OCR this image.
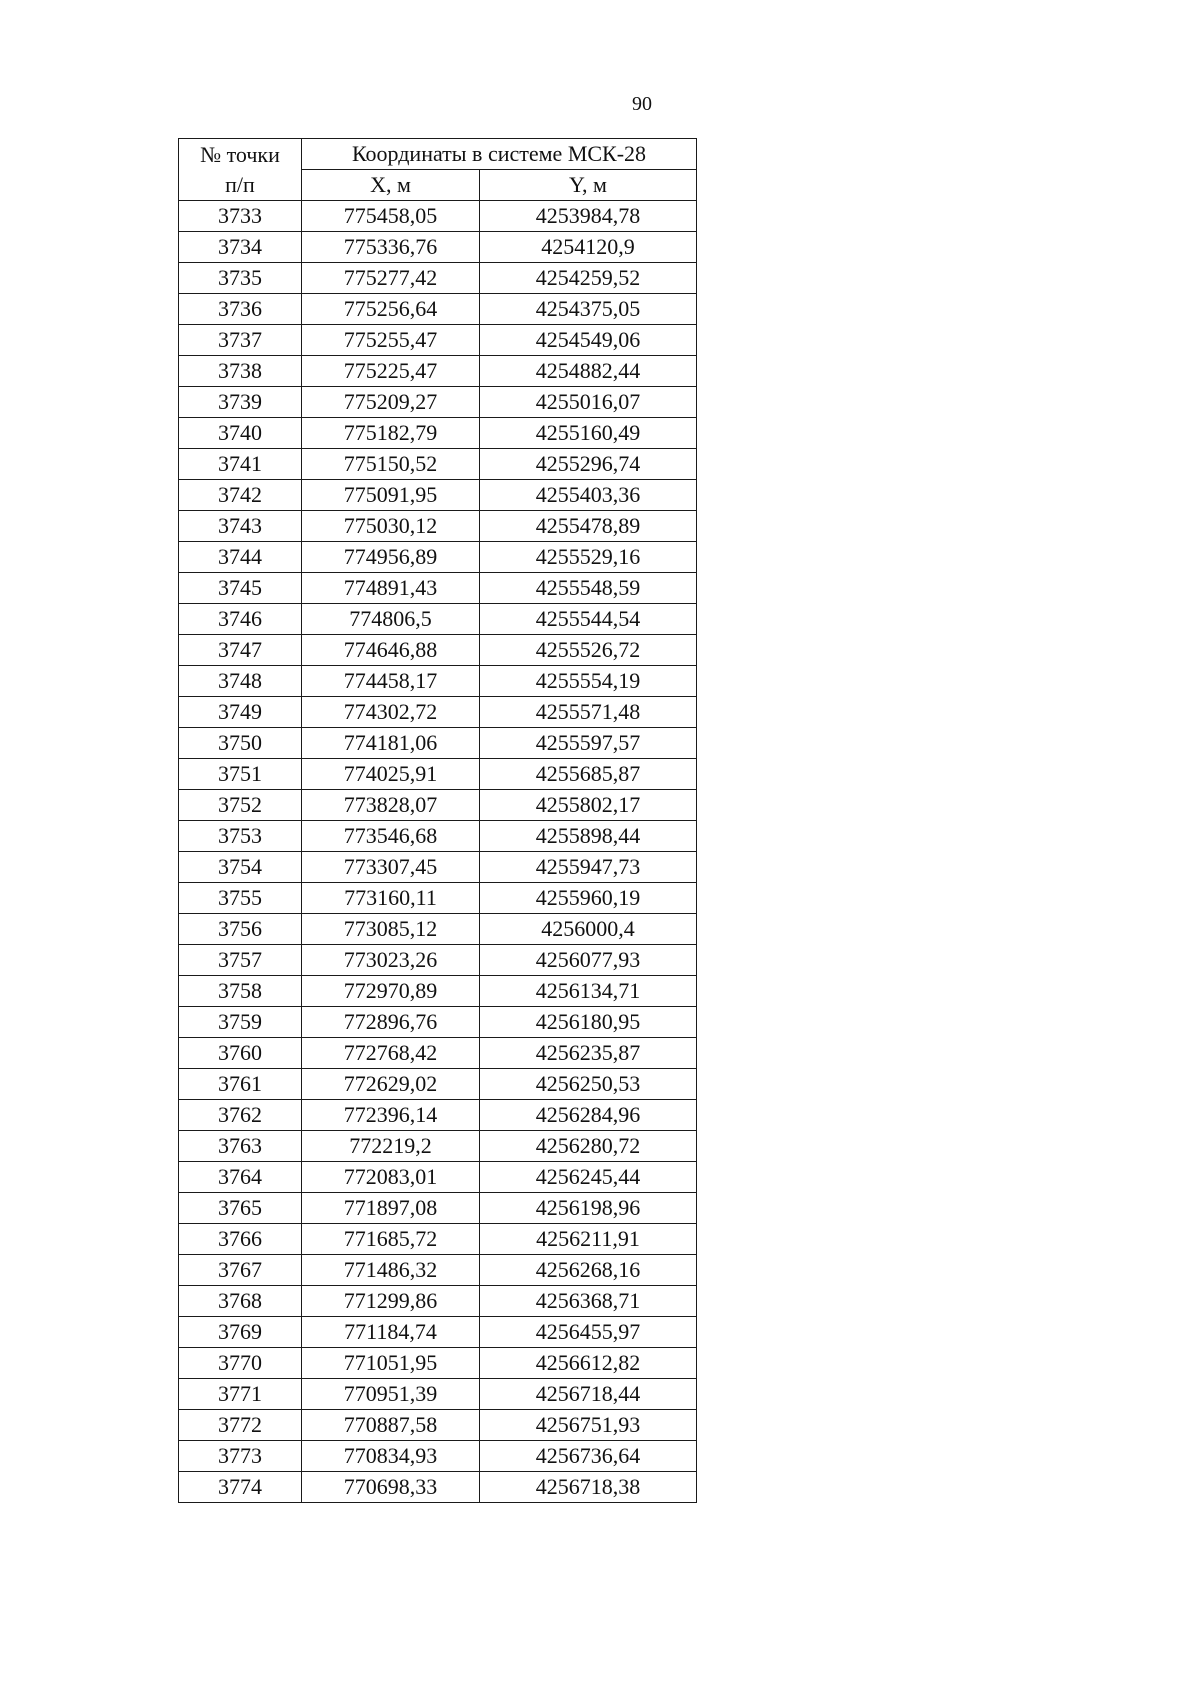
90
№ точки
п/п	Координаты в системе МСК-28	
	X, м	Y, м
3733	775458,05	4253984,78
3734	775336,76	4254120,9
3735	775277,42	4254259,52
3736	775256,64	4254375,05
3737	775255,47	4254549,06
3738	775225,47	4254882,44
3739	775209,27	4255016,07
3740	775182,79	4255160,49
3741	775150,52	4255296,74
3742	775091,95	4255403,36
3743	775030,12	4255478,89
3744	774956,89	4255529,16
3745	774891,43	4255548,59
3746	774806,5	4255544,54
3747	774646,88	4255526,72
3748	774458,17	4255554,19
3749	774302,72	4255571,48
3750	774181,06	4255597,57
3751	774025,91	4255685,87
3752	773828,07	4255802,17
3753	773546,68	4255898,44
3754	773307,45	4255947,73
3755	773160,11	4255960,19
3756	773085,12	4256000,4
3757	773023,26	4256077,93
3758	772970,89	4256134,71
3759	772896,76	4256180,95
3760	772768,42	4256235,87
3761	772629,02	4256250,53
3762	772396,14	4256284,96
3763	772219,2	4256280,72
3764	772083,01	4256245,44
3765	771897,08	4256198,96
3766	771685,72	4256211,91
3767	771486,32	4256268,16
3768	771299,86	4256368,71
3769	771184,74	4256455,97
3770	771051,95	4256612,82
3771	770951,39	4256718,44
3772	770887,58	4256751,93
3773	770834,93	4256736,64
3774	770698,33	4256718,38
